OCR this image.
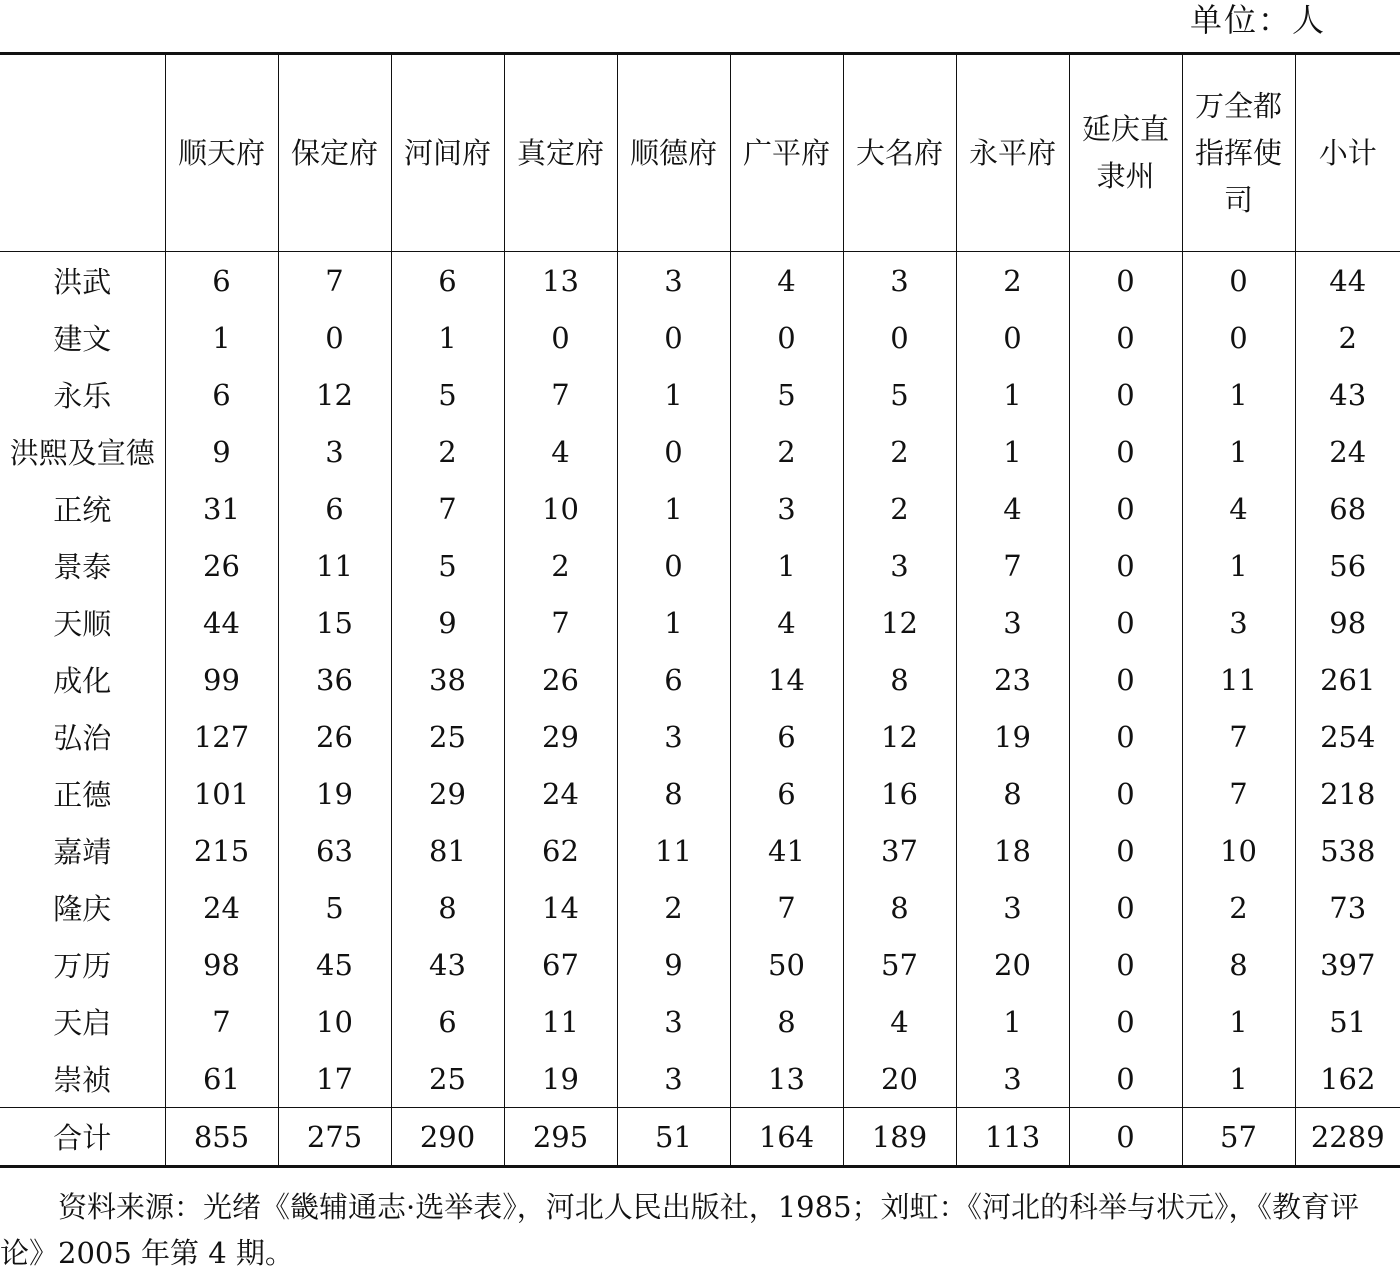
单位：人
	顺天府	保定府	河间府	真定府	顺德府	广平府	大名府	永平府	延庆直隶州	万全都指挥使司	小计
洪武	6	7	6	13	3	4	3	2	0	0	44
建文	1	0	1	0	0	0	0	0	0	0	2
永乐	6	12	5	7	1	5	5	1	0	1	43
洪熙及宣德	9	3	2	4	0	2	2	1	0	1	24
正统	31	6	7	10	1	3	2	4	0	4	68
景泰	26	11	5	2	0	1	3	7	0	1	56
天顺	44	15	9	7	1	4	12	3	0	3	98
成化	99	36	38	26	6	14	8	23	0	11	261
弘治	127	26	25	29	3	6	12	19	0	7	254
正德	101	19	29	24	8	6	16	8	0	7	218
嘉靖	215	63	81	62	11	41	37	18	0	10	538
隆庆	24	5	8	14	2	7	8	3	0	2	73
万历	98	45	43	67	9	50	57	20	0	8	397
天启	7	10	6	11	3	8	4	1	0	1	51
崇祯	61	17	25	19	3	13	20	3	0	1	162
合计	855	275	290	295	51	164	189	113	0	57	2289

资料来源：光绪《畿辅通志·选举表》，河北人民出版社，1985；刘虹：《河北的科举与状元》，《教育评论》2005 年第 4 期。
